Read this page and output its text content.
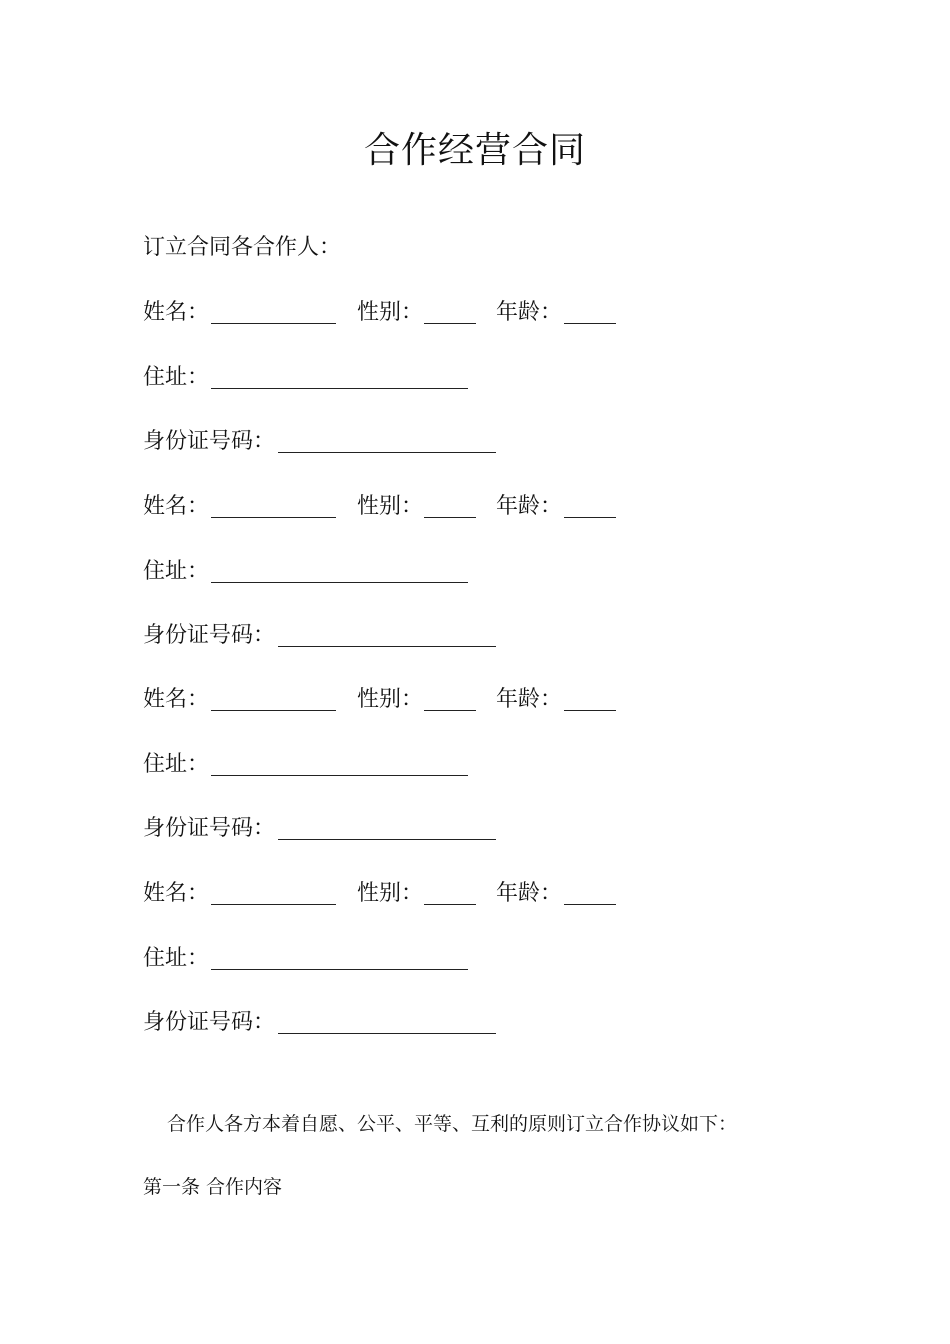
合作经营合同
订立合同各合作人：
姓名：	性别：	年龄：
住址：
身份证号码：
姓名：	性别：	年龄：
住址：
身份证号码：
姓名：	性别：	年龄：
住址：
身份证号码：
姓名：	性别：	年龄：
住址：
身份证号码：
合作人各方本着自愿、公平、平等、互利的原则订立合作协议如下：
第一条 合作内容
